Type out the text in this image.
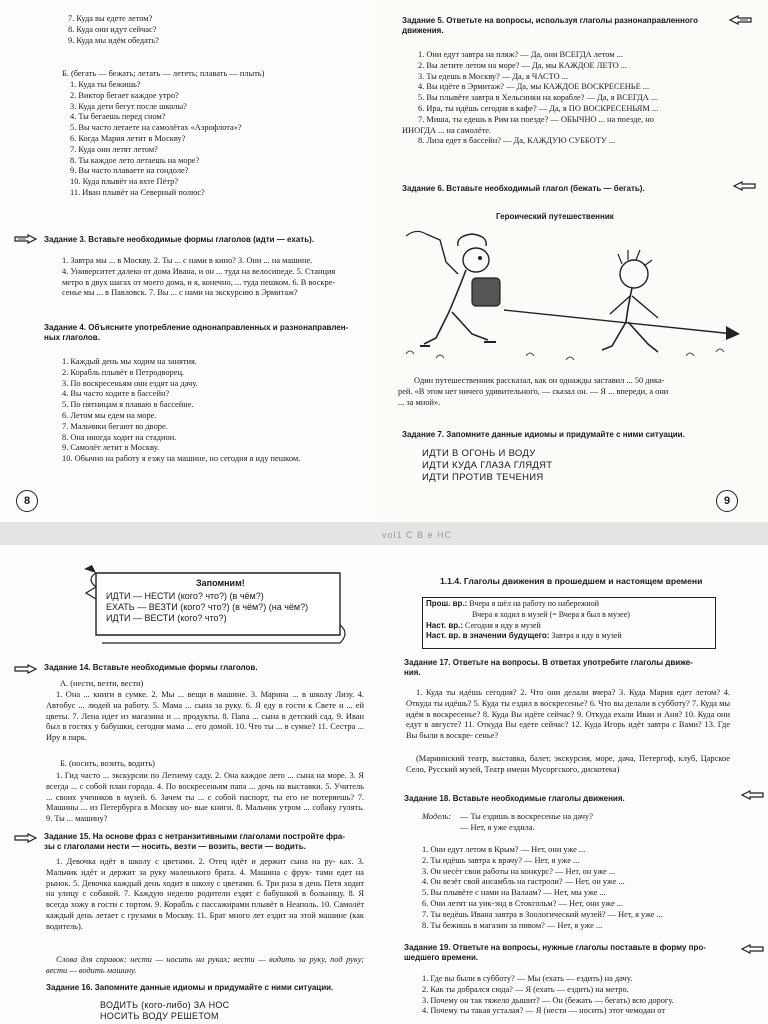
7. Куда вы едете летом?
8. Куда они идут сейчас?
9. Куда мы идём обедать?
Б. (бегать — бежать; летать — лететь; плавать — плыть)
1. Куда ты бежишь?
2. Виктор бегает каждое утро?
3. Куда дети бегут после школы?
4. Ты бегаешь перед сном?
5. Вы часто летаете на самолётах «Аэрофлота»?
6. Когда Мария летит в Москву?
7. Куда они летят летом?
8. Ты каждое лето летаешь на море?
9. Вы часто плаваете на гондоле?
10. Куда плывёт на яхте Пётр?
11. Иван плывёт на Северный полюс?
Задание 3. Вставьте необходимые формы глаголов (идти — ехать).
1. Завтра мы ... в Москву. 2. Ты ... с нами в кино? 3. Они ... на машине.
4. Университет далеко от дома Ивана, и он ... туда на велосипеде. 5. Станция
метро в двух шагах от моего дома, и я, конечно, ... туда пешком. 6. В воскре-
сенье мы ... в Павловск. 7. Вы ... с нами на экскурсию в Эрмитаж?
Задание 4. Объясните употребление однонаправленных и разнонаправлен-
ных глаголов.
1. Каждый день мы ходим на занятия.
2. Корабль плывёт в Петродворец.
3. По воскресеньям они ездят на дачу.
4. Вы часто ходите в бассейн?
5. По пятницам я плаваю в бассейне.
6. Летом мы едем на море.
7. Мальчики бегают во дворе.
8. Она иногда ходит на стадион.
9. Самолёт летит в Москву.
10. Обычно на работу я езжу на машине, но сегодня я иду пешком.
8
Задание 5. Ответьте на вопросы, используя глаголы разнонаправленного
движения.
1. Они едут завтра на пляж? — Да, они ВСЕГДА летом ...
2. Вы летите летом на море? — Да, мы КАЖДОЕ ЛЕТО ...
3. Ты едешь в Москву? — Да, я ЧАСТО ...
4. Вы идёте в Эрмитаж? — Да, мы КАЖДОЕ ВОСКРЕСЕНЬЕ ...
5. Вы плывёте завтра в Хельсинки на корабле? — Да, я ВСЕГДА ...
6. Ира, ты идёшь сегодня в кафе? — Да, я ПО ВОСКРЕСЕНЬЯМ ...
7. Миша, ты едешь в Рим на поезде? — ОБЫЧНО ... на поезде, но
ИНОГДА ... на самолёте.
8. Лиза едет в бассейн? — Да, КАЖДУЮ СУББОТУ ...
Задание 6. Вставьте необходимый глагол (бежать — бегать).
Героический путешественник
Один путешественник рассказал, как он однажды заставил ... 50 дика-
рей. «В этом нет ничего удивительного, — сказал он. — Я ... впереди, а они
... за мной».
Задание 7. Запомните данные идиомы и придумайте с ними ситуации.
ИДТИ В ОГОНЬ И ВОДУ
ИДТИ КУДА ГЛАЗА ГЛЯДЯТ
ИДТИ ПРОТИВ ТЕЧЕНИЯ
9
vol1 С В е НС
Запомним!
ИДТИ — НЕСТИ (кого? что?) (в чём?)
ЕХАТЬ — ВЕЗТИ (кого? что?) (в чём?) (на чём?)
ИДТИ — ВЕСТИ (кого? что?)
Задание 14. Вставьте необходимые формы глаголов.
А. (нести, везти, вести)
1. Она ... книги в сумке. 2. Мы ... вещи в машине. 3. Марина ... в школу Лизу. 4. Автобус ... людей на работу. 5. Мама ... сына за руку. 6. Я еду в гости к Свете и ... ей цветы. 7. Лена идет из магазина и ... продукты. 8. Папа ... сына в детский сад. 9. Иван был в гостях у бабушки, сегодня мама ... его домой. 10. Что ты ... в сумке? 11. Сестра ... Иру в парк.
Б. (носить, возить, водить)
1. Гид часто ... экскурсии по Летнему саду. 2. Она каждое лето ... сына на море. 3. Я всегда ... с собой план города. 4. По воскресеньям папа ... дочь на выставки. 5. Учитель ... своих учеников в музей. 6. Зачем ты ... с собой паспорт, ты его не потеряешь? 7. Машины ... из Петербурга в Москву но- вые книги. 8. Мальчик утром ... собаку гулять. 9. Ты ... машину?
Задание 15. На основе фраз с нетранзитивными глаголами постройте фра-
зы с глаголами нести — носить, везти — возить, вести — водить.
1. Девочка идёт в школу с цветами. 2. Отец идёт и держит сына на ру- ках. 3. Мальчик идёт и держит за руку маленького брата. 4. Машина с фрук- тами едет на рынок. 5. Девочка каждый день ходит в школу с цветами. 6. Три раза в день Петя ходит на улицу с собакой. 7. Каждую неделю родители ездят с бабушкой в больницу. 8. Я всегда хожу в гости с тортом. 9. Корабль с пассажирами плывёт в Неаполь. 10. Самолёт каждый день летает с грузами в Москву. 11. Брат много лет ездит на этой машине (как водитель).
Слова для справок: нести — носить на руках; вести — водить за руку, под руку; вести — водить машину.
Задание 16. Запомните данные идиомы и придумайте с ними ситуации.
ВОДИТЬ (кого-либо) ЗА НОС
НОСИТЬ ВОДУ РЕШЕТОМ
1.1.4. Глаголы движения в прошедшем и настоящем времени
Прош. вр.: Вчера я шёл на работу по набережной
Вчера я ходил в музей (= Вчера я был в музее)
Наст. вр.: Сегодня я иду в музей
Наст. вр. в значении будущего: Завтра я иду в музей
Задание 17. Ответьте на вопросы. В ответах употребите глаголы движе-
ния.
1. Куда ты идёшь сегодня? 2. Что они делали вчера? 3. Куда Мария едет летом? 4. Откуда ты идёшь? 5. Куда ты ездил в воскресенье? 6. Что вы делали в субботу? 7. Куда мы идём в воскресенье? 8. Куда Вы идёте сейчас? 9. Откуда ехали Иван и Аня? 10. Куда они едут в августе? 11. Откуда Вы едете сейчас? 12. Куда Игорь идёт завтра с Вами? 13. Где Вы были в воскре- сенье?
(Мариинский театр, выставка, балет, экскурсия, море, дача, Петергоф, клуб, Царское Село, Русский музей, Театр имени Мусоргского, дискотека)
Задание 18. Вставьте необходимые глаголы движения.
Модель: — Ты ездишь в воскресенье на дачу?
— Нет, я уже ездила.
1. Они едут летом в Крым? — Нет, они уже ...
2. Ты идёшь завтра к врачу? — Нет, я уже ...
3. Он несёт свои работы на конкурс? — Нет, он уже ...
4. Он везёт свой ансамбль на гастроли? — Нет, он уже ...
5. Вы плывёте с нами на Валаам? — Нет, мы уже ...
6. Они летят на уик-энд в Стокгольм? — Нет, они уже ...
7. Ты ведёшь Ивана завтра в Зоологический музей? — Нет, я уже ...
8. Ты бежишь в магазин за пивом? — Нет, я уже ...
Задание 19. Ответьте на вопросы, нужные глаголы поставьте в форму про-
шедшего времени.
1. Где вы были в субботу? — Мы (ехать — ездить) на дачу.
2. Как ты добрался сюда? — Я (ехать — ездить) на метро.
3. Почему он так тяжело дышит? — Он (бежать — бегать) всю дорогу.
4. Почему ты такая усталая? — Я (нести — носить) этот чемодан от
